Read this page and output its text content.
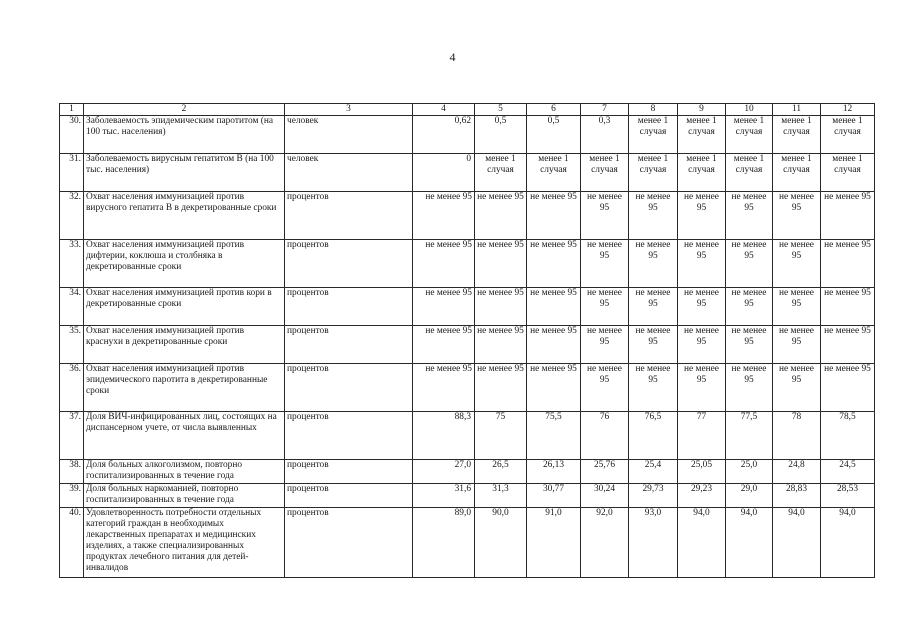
4
1	2	3	4	5	6	7	8	9	10	11	12
30.	Заболеваемость эпидемическим паротитом (на 100 тыс. населения)	человек	0,62	0,5	0,5	0,3	менее 1 случая	менее 1 случая	менее 1 случая	менее 1 случая	менее 1 случая
31.	Заболеваемость вирусным гепатитом В (на 100 тыс. населения)	человек	0	менее 1 случая	менее 1 случая	менее 1 случая	менее 1 случая	менее 1 случая	менее 1 случая	менее 1 случая	менее 1 случая
32.	Охват населения иммунизацией против вирусного гепатита В в декретированные сроки	процентов	не менее 95	не менее 95	не менее 95	не менее 95	не менее 95	не менее 95	не менее 95	не менее 95	не менее 95
33.	Охват населения иммунизацией против дифтерии, коклюша и столбняка в декретированные сроки	процентов	не менее 95	не менее 95	не менее 95	не менее 95	не менее 95	не менее 95	не менее 95	не менее 95	не менее 95
34.	Охват населения иммунизацией против кори в декретированные сроки	процентов	не менее 95	не менее 95	не менее 95	не менее 95	не менее 95	не менее 95	не менее 95	не менее 95	не менее 95
35.	Охват населения иммунизацией против краснухи в декретированные сроки	процентов	не менее 95	не менее 95	не менее 95	не менее 95	не менее 95	не менее 95	не менее 95	не менее 95	не менее 95
36.	Охват населения иммунизацией против эпидемического паротита в декретированные сроки	процентов	не менее 95	не менее 95	не менее 95	не менее 95	не менее 95	не менее 95	не менее 95	не менее 95	не менее 95
37.	Доля ВИЧ-инфицированных лиц, состоящих на диспансерном учете, от числа выявленных	процентов	88,3	75	75,5	76	76,5	77	77,5	78	78,5
38.	Доля больных алкоголизмом, повторно госпитализированных в течение года	процентов	27,0	26,5	26,13	25,76	25,4	25,05	25,0	24,8	24,5
39.	Доля больных наркоманией, повторно госпитализированных в течение года	процентов	31,6	31,3	30,77	30,24	29,73	29,23	29,0	28,83	28,53
40.	Удовлетворенность потребности отдельных категорий граждан в необходимых лекарственных препаратах и медицинских изделиях, а также специализированных продуктах лечебного питания для детей-инвалидов	процентов	89,0	90,0	91,0	92,0	93,0	94,0	94,0	94,0	94,0
